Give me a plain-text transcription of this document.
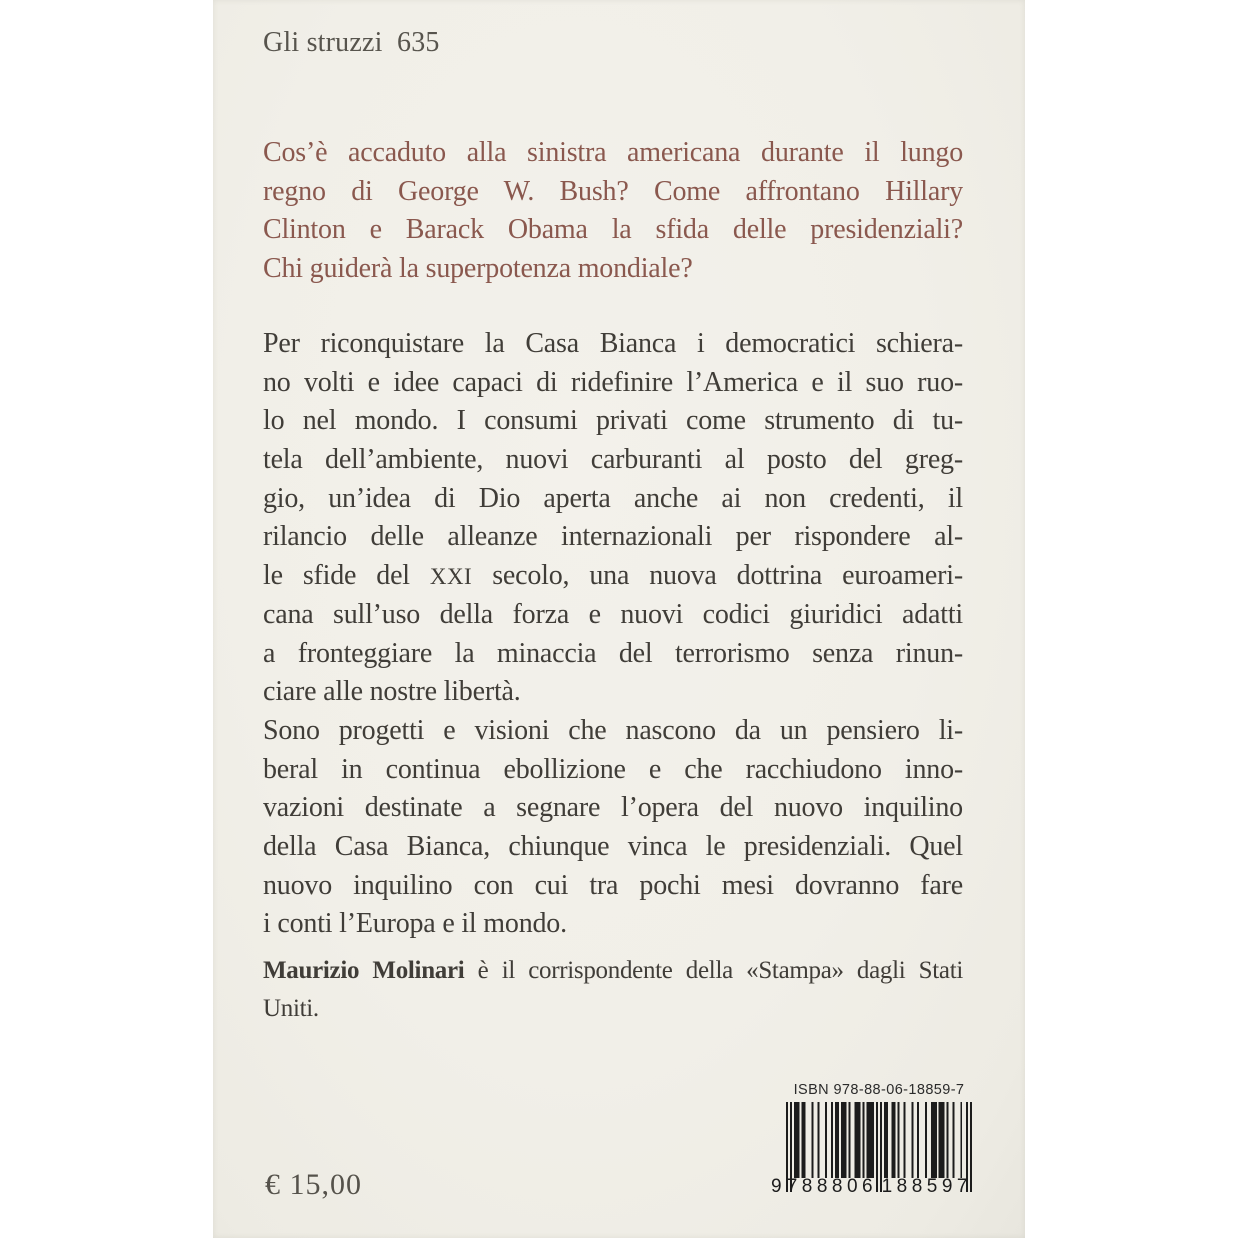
Gli struzzi  635
Cos’è accaduto alla sinistra americana durante il lungo
regno di George W. Bush? Come affrontano Hillary
Clinton e Barack Obama la sfida delle presidenziali?
Chi guiderà la superpotenza mondiale?
Per riconquistare la Casa Bianca i democratici schiera-
no volti e idee capaci di ridefinire l’America e il suo ruo-
lo nel mondo. I consumi privati come strumento di tu-
tela dell’ambiente, nuovi carburanti al posto del greg-
gio, un’idea di Dio aperta anche ai non credenti, il
rilancio delle alleanze internazionali per rispondere al-
le sfide del XXI secolo, una nuova dottrina euroameri-
cana sull’uso della forza e nuovi codici giuridici adatti
a fronteggiare la minaccia del terrorismo senza rinun-
ciare alle nostre libertà.
Sono progetti e visioni che nascono da un pensiero li-
beral in continua ebollizione e che racchiudono inno-
vazioni destinate a segnare l’opera del nuovo inquilino
della Casa Bianca, chiunque vinca le presidenziali. Quel
nuovo inquilino con cui tra pochi mesi dovranno fare
i conti l’Europa e il mondo.
Maurizio Molinari è il corrispondente della «Stampa» dagli Stati
Uniti.
€ 15,00
ISBN 978-88-06-18859-7
9 788806 188597
